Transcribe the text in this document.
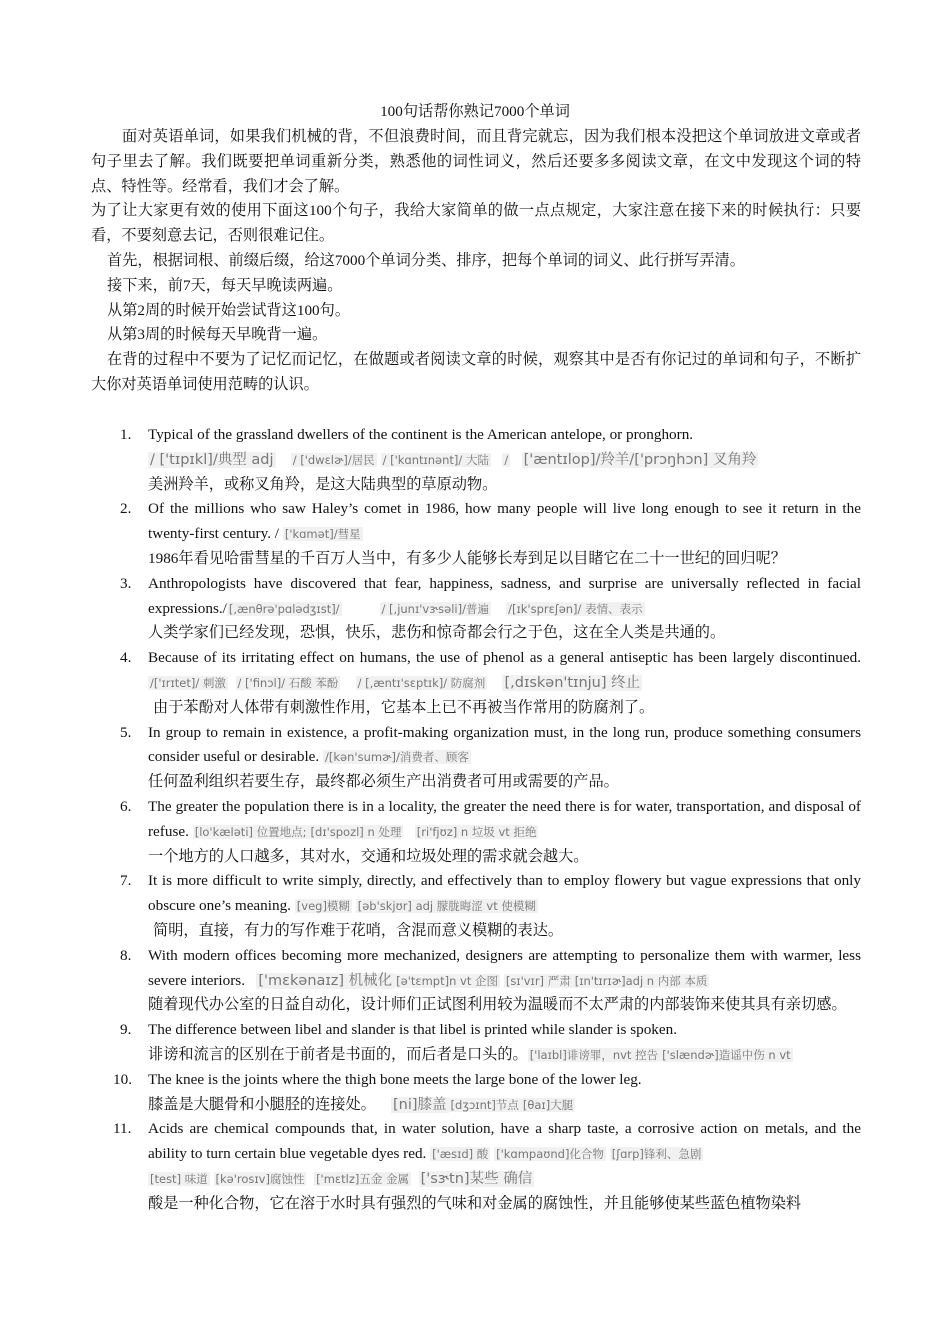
100句话帮你熟记7000个单词

面对英语单词，如果我们机械的背，不但浪费时间，而且背完就忘，因为我们根本没把这个单词放进文章或者句子里去了解。我们既要把单词重新分类，熟悉他的词性词义，然后还要多多阅读文章，在文中发现这个词的特点、特性等。经常看，我们才会了解。

为了让大家更有效的使用下面这100个句子，我给大家简单的做一点点规定，大家注意在接下来的时候执行：只要看，不要刻意去记，否则很难记住。

首先，根据词根、前缀后缀，给这7000个单词分类、排序，把每个单词的词义、此行拼写弄清。

接下来，前7天，每天早晚读两遍。

从第2周的时候开始尝试背这100句。

从第3周的时候每天早晚背一遍。

在背的过程中不要为了记忆而记忆，在做题或者阅读文章的时候，观察其中是否有你记过的单词和句子，不断扩大你对英语单词使用范畴的认识。

1. Typical of the grassland dwellers of the continent is the American antelope, or pronghorn.
/ ['tɪpɪkl]/典型 adj / ['dwɛlɚ]/居民 / ['kɑntɪnənt]/ 大陆 / ['æntɪlop]/羚羊/['prɔŋhɔn] 叉角羚
美洲羚羊，或称叉角羚，是这大陆典型的草原动物。
2. Of the millions who saw Haley’s comet in 1986, how many people will live long enough to see it return in the twenty-first century. / ['kɑmət]/彗星
1986年看见哈雷彗星的千百万人当中，有多少人能够长寿到足以目睹它在二十一世纪的回归呢？
3. Anthropologists have discovered that fear, happiness, sadness, and surprise are universally reflected in facial expressions./ [,ænθrə'pɑlədʒɪst]/	/ [,junɪ'vɝsəli]/普遍 /[ɪk'sprɛʃən]/ 表情、表示
人类学家们已经发现，恐惧，快乐，悲伤和惊奇都会行之于色，这在全人类是共通的。
4. Because of its irritating effect on humans, the use of phenol as a general antiseptic has been largely discontinued. /['ɪrɪtet]/ 刺激 / ['finɔl]/ 石酸 苯酚 / [,æntɪ'sɛptɪk]/ 防腐剂 [,dɪskən'tɪnju] 终止
由于苯酚对人体带有刺激性作用，它基本上已不再被当作常用的防腐剂了。
5. In group to remain in existence, a profit-making organization must, in the long run, produce something consumers consider useful or desirable. /[kən'sumɚ]/消费者、顾客
任何盈利组织若要生存，最终都必须生产出消费者可用或需要的产品。
6. The greater the population there is in a locality, the greater the need there is for water, transportation, and disposal of refuse. [lo'kæləti] 位置地点; [dɪ'spozl] n 处理 [ri'fjʊz] n 垃圾 vt 拒绝
一个地方的人口越多，其对水，交通和垃圾处理的需求就会越大。
7. It is more difficult to write simply, directly, and effectively than to employ flowery but vague expressions that only obscure one’s meaning. [veg]模糊 [əb'skjʊr] adj 朦胧晦涩 vt 使模糊
简明，直接，有力的写作难于花哨，含混而意义模糊的表达。
8. With modern offices becoming more mechanized, designers are attempting to personalize them with warmer, less severe interiors. ['mɛkənaɪz] 机械化 [ə'tɛmpt]n vt 企图 [sɪ'vɪr] 严肃 [ɪn'tɪrɪɚ]adj n 内部 本质
随着现代办公室的日益自动化，设计师们正试图利用较为温暖而不太严肃的内部装饰来使其具有亲切感。
9. The difference between libel and slander is that libel is printed while slander is spoken.
诽谤和流言的区别在于前者是书面的，而后者是口头的。 ['laɪbl]诽谤罪，nvt 控告 ['slændɚ]造谣中伤 n vt
10. The knee is the joints where the thigh bone meets the large bone of the lower leg.
膝盖是大腿骨和小腿胫的连接处。 [ni]膝盖 [dʒɔɪnt]节点 [θaɪ]大腿
11. Acids are chemical compounds that, in water solution, have a sharp taste, a corrosive action on metals, and the ability to turn certain blue vegetable dyes red. ['æsɪd] 酸 ['kɑmpaʊnd]化合物 [ʃɑrp]锋利、急剧
[test] 味道 [kə'rosɪv]腐蚀性 ['mɛtlz]五金 金属 ['sɝtn]某些 确信
酸是一种化合物，它在溶于水时具有强烈的气味和对金属的腐蚀性，并且能够使某些蓝色植物染料
